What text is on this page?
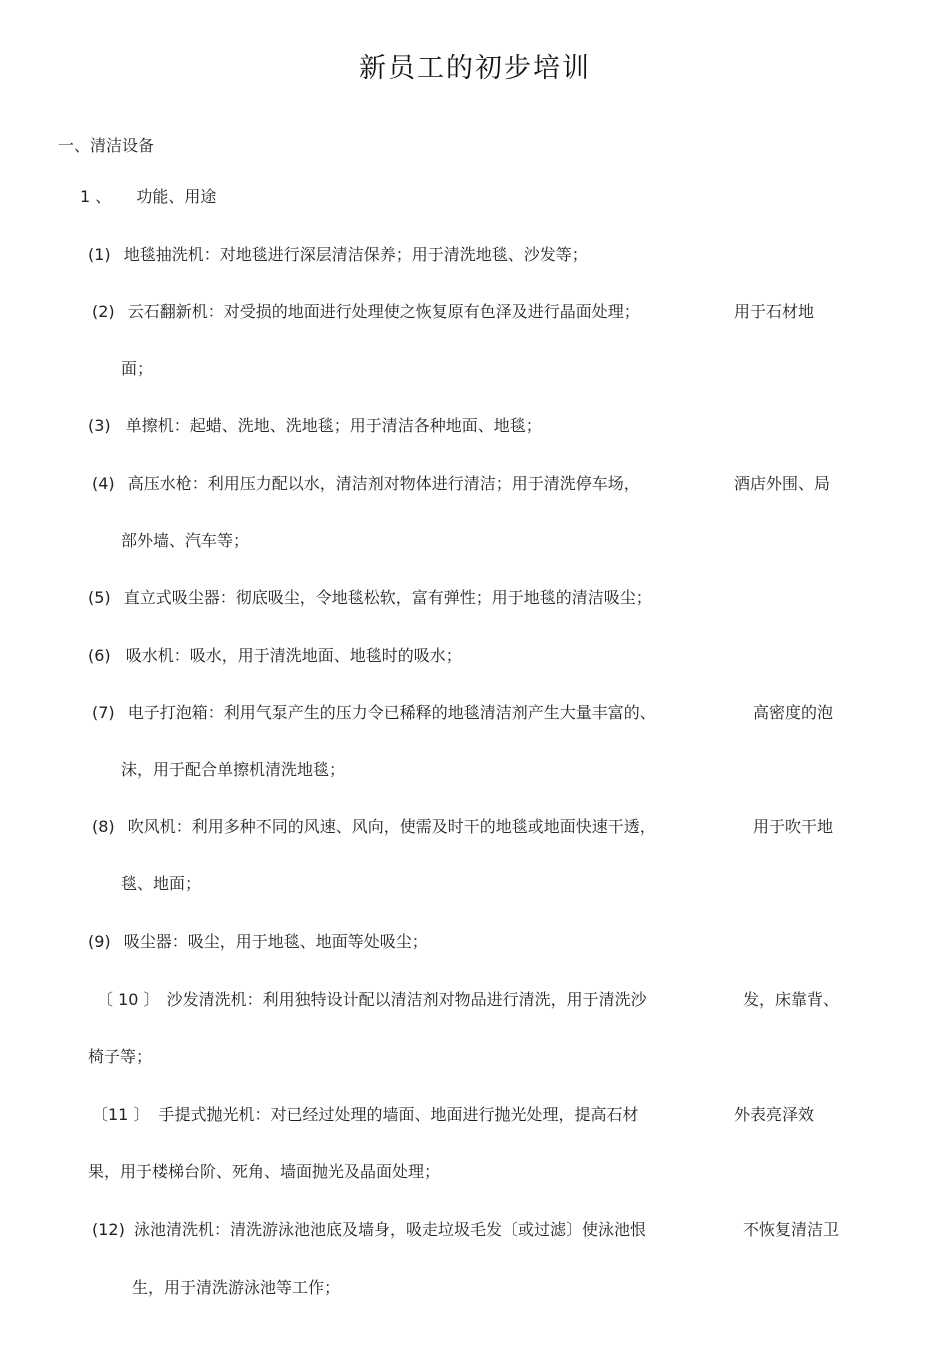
新员工的初步培训
一、清洁设备
1 、 功能、用途
(1) 地毯抽洗机：对地毯进行深层清洁保养；用于清洗地毯、沙发等；
(2) 云石翻新机：对受损的地面进行处理使之恢复原有色泽及进行晶面处理；	用于石材地
面；
(3) 单擦机：起蜡、洗地、洗地毯；用于清洁各种地面、地毯；
(4) 高压水枪：利用压力配以水，清洁剂对物体进行清洁；用于清洗停车场，	酒店外围、局
部外墙、汽车等；
(5) 直立式吸尘器：彻底吸尘，令地毯松软，富有弹性；用于地毯的清洁吸尘；
(6) 吸水机：吸水，用于清洗地面、地毯时的吸水；
(7) 电子打泡箱：利用气泵产生的压力令已稀释的地毯清洁剂产生大量丰富的、	高密度的泡
沫，用于配合单擦机清洗地毯；
(8) 吹风机：利用多种不同的风速、风向，使需及时干的地毯或地面快速干透，	用于吹干地
毯、地面；
(9) 吸尘器：吸尘，用于地毯、地面等处吸尘；
〔 10 〕 沙发清洗机：利用独特设计配以清洁剂对物品进行清洗，用于清洗沙	发，床靠背、
椅子等；
〔11 〕 手提式抛光机：对已经过处理的墙面、地面进行抛光处理，提高石材	外表亮泽效
果，用于楼梯台阶、死角、墙面抛光及晶面处理；
(12) 泳池清洗机：清洗游泳池池底及墙身，吸走垃圾毛发〔或过滤〕使泳池恨	不恢复清洁卫
生，用于清洗游泳池等工作；
